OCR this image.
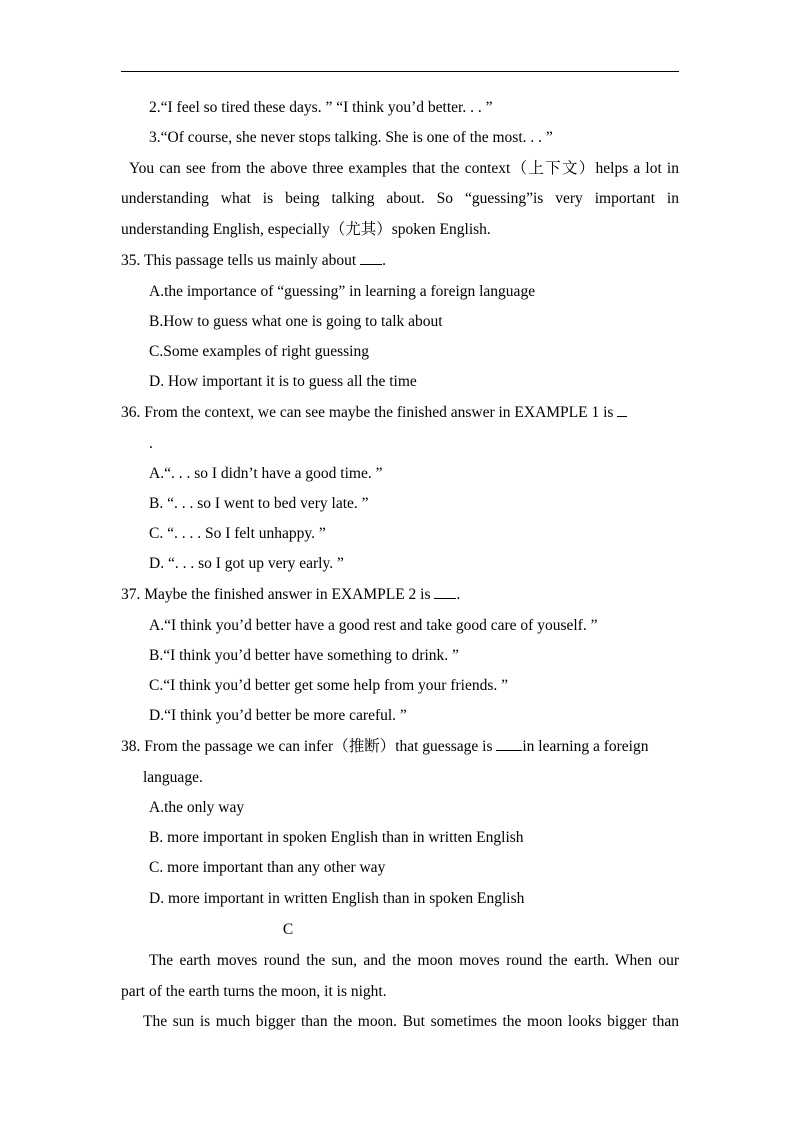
2.“I feel so tired these days. ” “I think you’d better. . . ”
3.“Of course, she never stops talking. She is one of the most. . . ”
You can see from the above three examples that the context（上下文）helps a lot in
understanding what is being talking about. So “guessing”is very important in
understanding English, especially（尤其）spoken English.
35. This passage tells us mainly about .
A.the importance of “guessing” in learning a foreign language
B.How to guess what one is going to talk about
C.Some examples of right guessing
D. How important it is to guess all the time
36. From the context, we can see maybe the finished answer in EXAMPLE 1 is
.
A.“. . . so I didn’t have a good time. ”
B. “. . . so I went to bed very late. ”
C. “. . . . So I felt unhappy. ”
D. “. . . so I got up very early. ”
37. Maybe the finished answer in EXAMPLE 2 is .
A.“I think you’d better have a good rest and take good care of youself. ”
B.“I think you’d better have something to drink. ”
C.“I think you’d better get some help from your friends. ”
D.“I think you’d better be more careful. ”
38. From the passage we can infer（推断）that guessage is in learning a foreign
language.
A.the only way
B. more important in spoken English than in written English
C. more important than any other way
D. more important in written English than in spoken English
C
The earth moves round the sun, and the moon moves round the earth. When our
part of the earth turns the moon, it is night.
The sun is much bigger than the moon. But sometimes the moon looks bigger than
